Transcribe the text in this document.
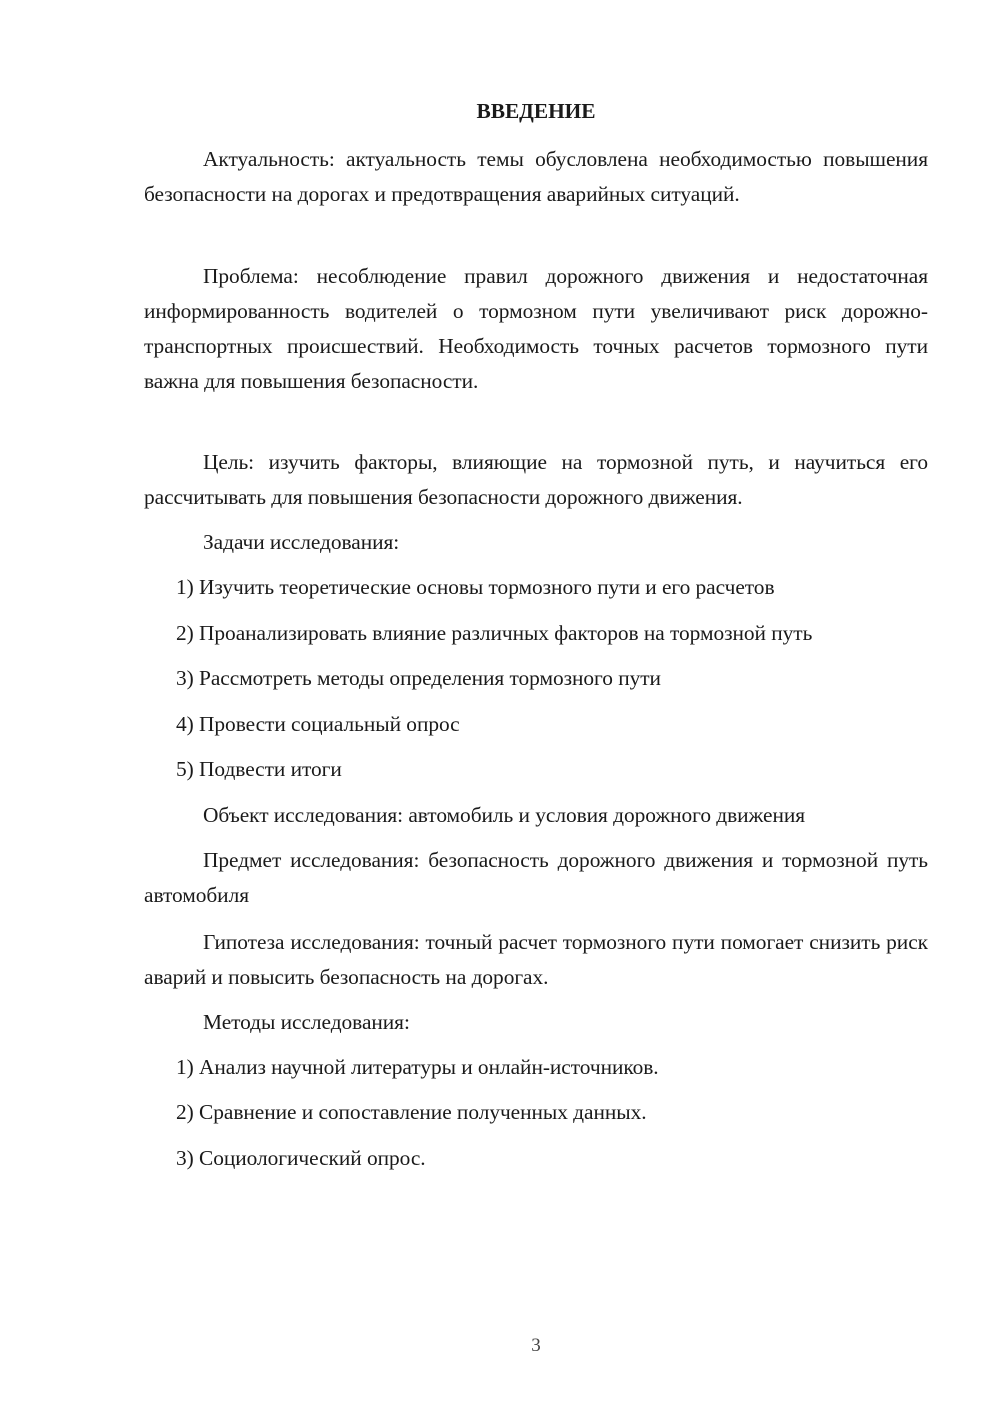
ВВЕДЕНИЕ

Актуальность: актуальность темы обусловлена необходимостью повышения безопасности на дорогах и предотвращения аварийных ситуаций.

Проблема: несоблюдение правил дорожного движения и недостаточная информированность водителей о тормозном пути увеличивают риск дорожно-транспортных происшествий. Необходимость точных расчетов тормозного пути важна для повышения безопасности.

Цель: изучить факторы, влияющие на тормозной путь, и научиться его рассчитывать для повышения безопасности дорожного движения.

Задачи исследования:

1) Изучить теоретические основы тормозного пути и его расчетов

2) Проанализировать влияние различных факторов на тормозной путь

3) Рассмотреть методы определения тормозного пути

4) Провести социальный опрос

5) Подвести итоги

Объект исследования: автомобиль и условия дорожного движения

Предмет исследования: безопасность дорожного движения и тормозной путь автомобиля

Гипотеза исследования: точный расчет тормозного пути помогает снизить риск аварий и повысить безопасность на дорогах.

Методы исследования:

1) Анализ научной литературы и онлайн-источников.

2) Сравнение и сопоставление полученных данных.

3) Социологический опрос.

3
